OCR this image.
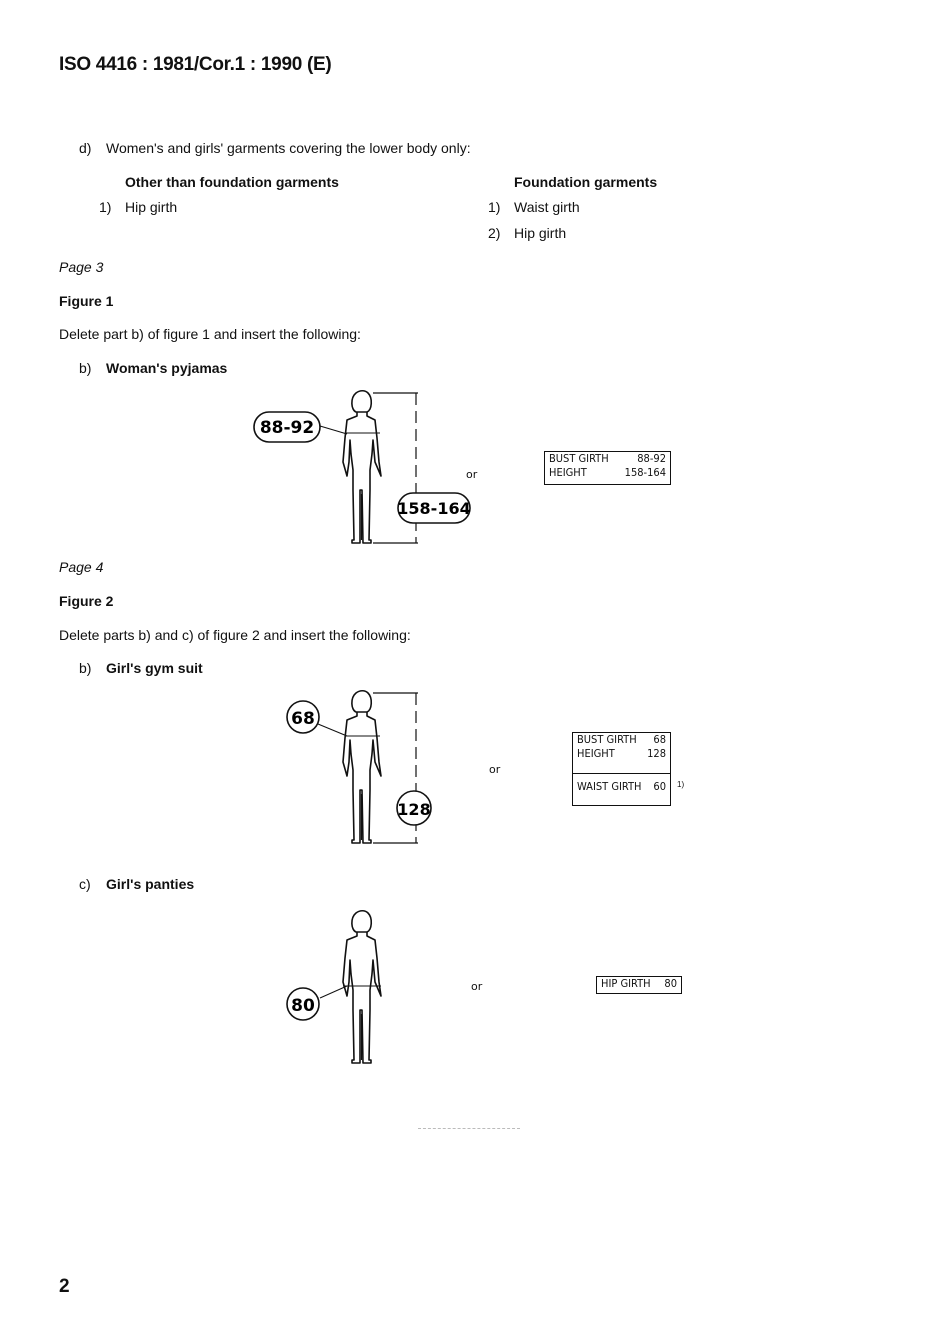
ISO 4416 : 1981/Cor.1 : 1990 (E)
d) Women's and girls' garments covering the lower body only:
Other than foundation garments
1) Hip girth
Foundation garments
1) Waist girth
2) Hip girth
Page 3
Figure 1
Delete part b) of figure 1 and insert the following:
b) Woman's pyjamas
88-92
158-164
or
BUST GIRTH	88-92
HEIGHT	158-164
Page 4
Figure 2
Delete parts b) and c) of figure 2 and insert the following:
b) Girl's gym suit
68
128
or
BUST GIRTH 68
HEIGHT	128
WAIST GIRTH 60 1)
c) Girl's panties
80
or	HIP GIRTH 80
2
